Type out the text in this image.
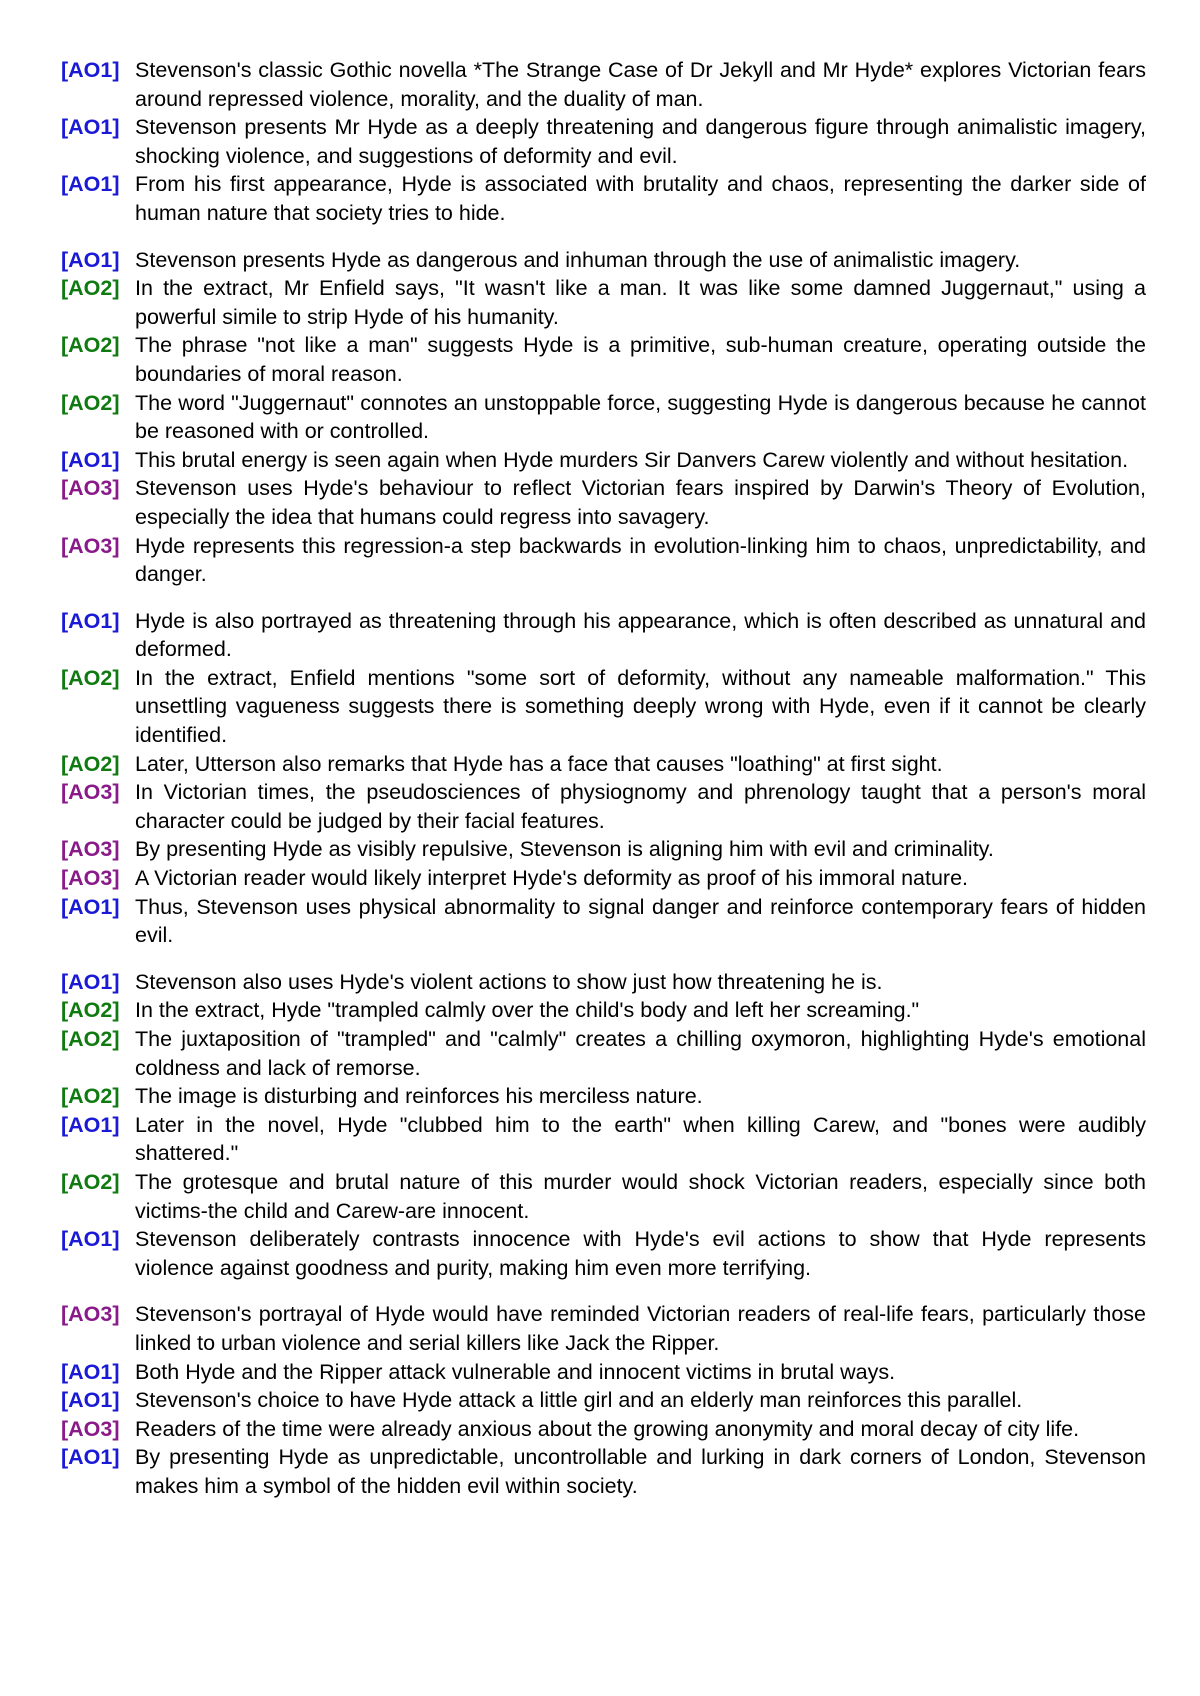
[AO1] Stevenson's classic Gothic novella *The Strange Case of Dr Jekyll and Mr Hyde* explores Victorian fears around repressed violence, morality, and the duality of man.
[AO1] Stevenson presents Mr Hyde as a deeply threatening and dangerous figure through animalistic imagery, shocking violence, and suggestions of deformity and evil.
[AO1] From his first appearance, Hyde is associated with brutality and chaos, representing the darker side of human nature that society tries to hide.
[AO1] Stevenson presents Hyde as dangerous and inhuman through the use of animalistic imagery.
[AO2] In the extract, Mr Enfield says, "It wasn't like a man. It was like some damned Juggernaut," using a powerful simile to strip Hyde of his humanity.
[AO2] The phrase "not like a man" suggests Hyde is a primitive, sub-human creature, operating outside the boundaries of moral reason.
[AO2] The word "Juggernaut" connotes an unstoppable force, suggesting Hyde is dangerous because he cannot be reasoned with or controlled.
[AO1] This brutal energy is seen again when Hyde murders Sir Danvers Carew violently and without hesitation.
[AO3] Stevenson uses Hyde's behaviour to reflect Victorian fears inspired by Darwin's Theory of Evolution, especially the idea that humans could regress into savagery.
[AO3] Hyde represents this regression-a step backwards in evolution-linking him to chaos, unpredictability, and danger.
[AO1] Hyde is also portrayed as threatening through his appearance, which is often described as unnatural and deformed.
[AO2] In the extract, Enfield mentions "some sort of deformity, without any nameable malformation." This unsettling vagueness suggests there is something deeply wrong with Hyde, even if it cannot be clearly identified.
[AO2] Later, Utterson also remarks that Hyde has a face that causes "loathing" at first sight.
[AO3] In Victorian times, the pseudosciences of physiognomy and phrenology taught that a person's moral character could be judged by their facial features.
[AO3] By presenting Hyde as visibly repulsive, Stevenson is aligning him with evil and criminality.
[AO3] A Victorian reader would likely interpret Hyde's deformity as proof of his immoral nature.
[AO1] Thus, Stevenson uses physical abnormality to signal danger and reinforce contemporary fears of hidden evil.
[AO1] Stevenson also uses Hyde's violent actions to show just how threatening he is.
[AO2] In the extract, Hyde "trampled calmly over the child's body and left her screaming."
[AO2] The juxtaposition of "trampled" and "calmly" creates a chilling oxymoron, highlighting Hyde's emotional coldness and lack of remorse.
[AO2] The image is disturbing and reinforces his merciless nature.
[AO1] Later in the novel, Hyde "clubbed him to the earth" when killing Carew, and "bones were audibly shattered."
[AO2] The grotesque and brutal nature of this murder would shock Victorian readers, especially since both victims-the child and Carew-are innocent.
[AO1] Stevenson deliberately contrasts innocence with Hyde's evil actions to show that Hyde represents violence against goodness and purity, making him even more terrifying.
[AO3] Stevenson's portrayal of Hyde would have reminded Victorian readers of real-life fears, particularly those linked to urban violence and serial killers like Jack the Ripper.
[AO1] Both Hyde and the Ripper attack vulnerable and innocent victims in brutal ways.
[AO1] Stevenson's choice to have Hyde attack a little girl and an elderly man reinforces this parallel.
[AO3] Readers of the time were already anxious about the growing anonymity and moral decay of city life.
[AO1] By presenting Hyde as unpredictable, uncontrollable and lurking in dark corners of London, Stevenson makes him a symbol of the hidden evil within society.
